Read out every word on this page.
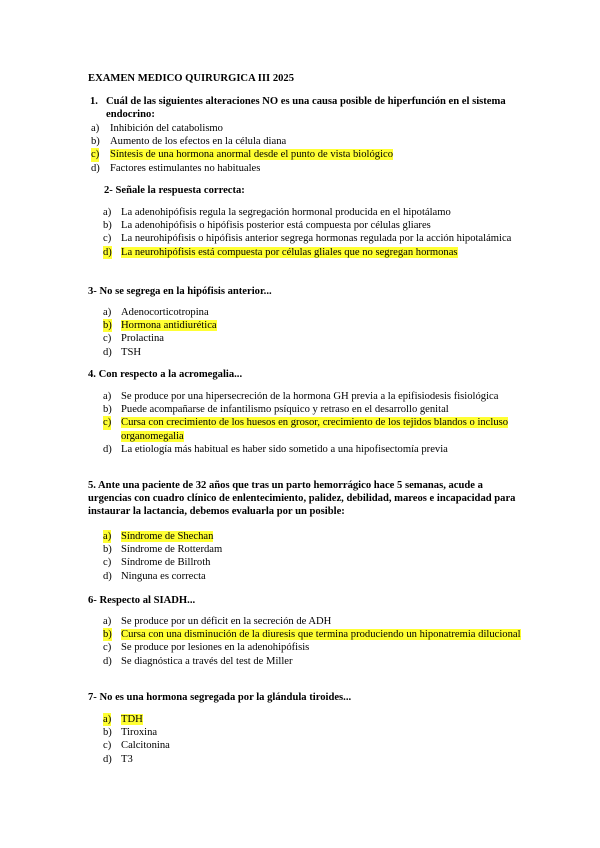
EXAMEN MEDICO QUIRURGICA III 2025
1. Cuál de las siguientes alteraciones NO es una causa posible de hiperfunción en el sistema endocrino:
a) Inhibición del catabolismo
b) Aumento de los efectos en la célula diana
c) Síntesis de una hormona anormal desde el punto de vista biológico
d) Factores estimulantes no habituales
2- Señale la respuesta correcta:
a) La adenohipófisis regula la segregación hormonal producida en el hipotálamo
b) La adenohipófisis o hipófisis posterior está compuesta por células gliares
c) La neurohipófisis o hipófisis anterior segrega hormonas regulada por la acción hipotalámica
d) La neurohipófisis está compuesta por células gliales que no segregan hormonas
3- No se segrega en la hipófisis anterior...
a) Adenocorticotropina
b) Hormona antidiurética
c) Prolactina
d) TSH
4. Con respecto a la acromegalia...
a) Se produce por una hipersecreción de la hormona GH previa a la epifisiodesis fisiológica
b) Puede acompañarse de infantilismo psíquico y retraso en el desarrollo genital
c) Cursa con crecimiento de los huesos en grosor, crecimiento de los tejidos blandos o incluso organomegalia
d) La etiología más habitual es haber sido sometido a una hipofisectomía previa
5. Ante una paciente de 32 años que tras un parto hemorrágico hace 5 semanas, acude a urgencias con cuadro clínico de enlentecimiento, palidez, debilidad, mareos e incapacidad para instaurar la lactancia, debemos evaluarla por un posible:
a) Síndrome de Shechan
b) Síndrome de Rotterdam
c) Síndrome de Billroth
d) Ninguna es correcta
6- Respecto al SIADH...
a) Se produce por un déficit en la secreción de ADH
b) Cursa con una disminución de la diuresis que termina produciendo un hiponatremia dilucional
c) Se produce por lesiones en la adenohipófisis
d) Se diagnóstica a través del test de Miller
7- No es una hormona segregada por la glándula tiroides...
a) TDH
b) Tiroxina
c) Calcitonina
d) T3
